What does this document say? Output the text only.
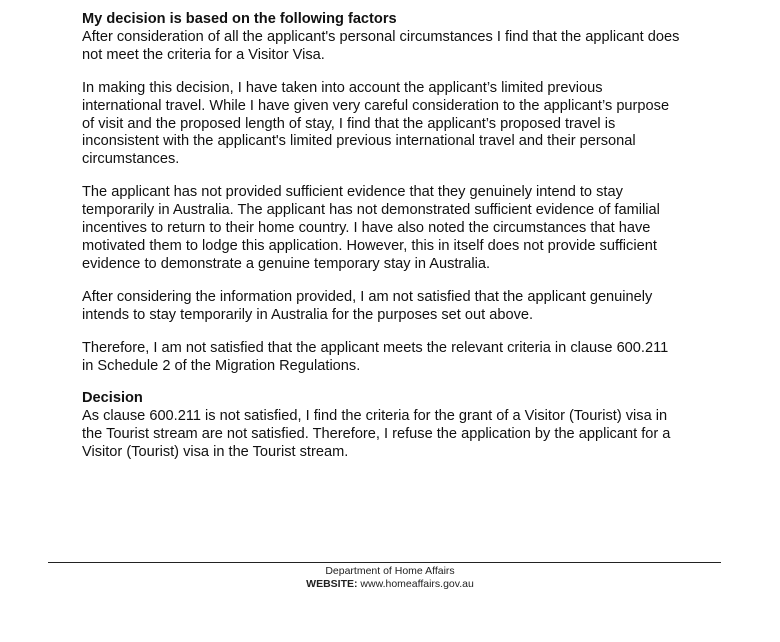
My decision is based on the following factors
After consideration of all the applicant's personal circumstances I find that the applicant does
not meet the criteria for a Visitor Visa.
In making this decision, I have taken into account the applicant’s limited previous
international travel. While I have given very careful consideration to the applicant’s purpose
of visit and the proposed length of stay, I find that the applicant’s proposed travel is
inconsistent with the applicant's limited previous international travel and their personal
circumstances.
The applicant has not provided sufficient evidence that they genuinely intend to stay
temporarily in Australia. The applicant has not demonstrated sufficient evidence of familial
incentives to return to their home country. I have also noted the circumstances that have
motivated them to lodge this application. However, this in itself does not provide sufficient
evidence to demonstrate a genuine temporary stay in Australia.
After considering the information provided, I am not satisfied that the applicant genuinely
intends to stay temporarily in Australia for the purposes set out above.
Therefore, I am not satisfied that the applicant meets the relevant criteria in clause 600.211
in Schedule 2 of the Migration Regulations.
Decision
As clause 600.211 is not satisfied, I find the criteria for the grant of a Visitor (Tourist) visa in
the Tourist stream are not satisfied. Therefore, I refuse the application by the applicant for a
Visitor (Tourist) visa in the Tourist stream.
Department of Home Affairs
WEBSITE: www.homeaffairs.gov.au
